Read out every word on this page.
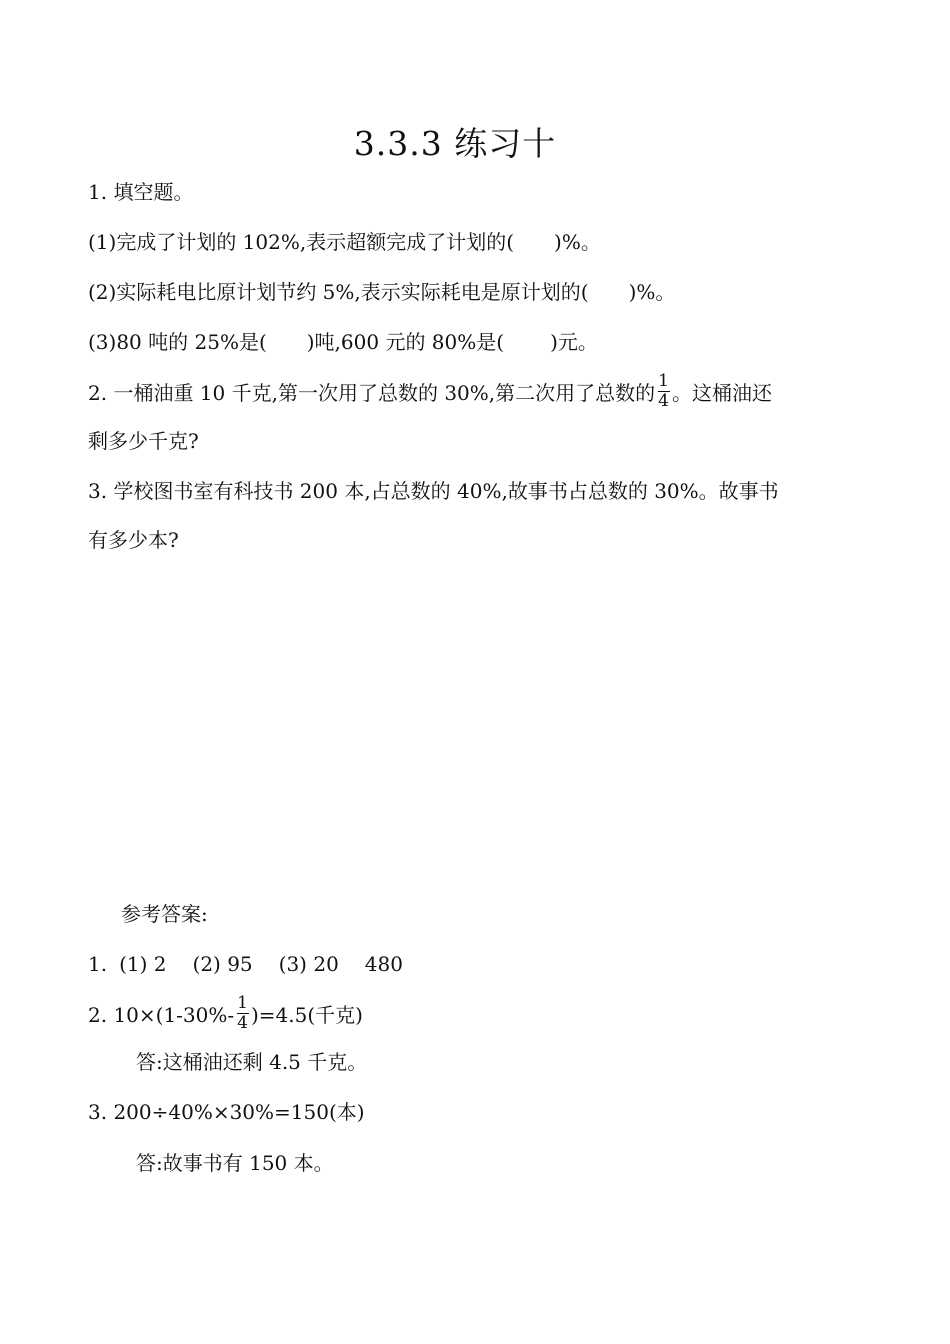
3.3.3 练习十
1. 填空题。
(1)完成了计划的 102%,表示超额完成了计划的( )%。
(2)实际耗电比原计划节约 5%,表示实际耗电是原计划的( )%。
(3)80 吨的 25%是( )吨,600 元的 80%是( )元。
2. 一桶油重 10 千克,第一次用了总数的 30%,第二次用了总数的 $\frac{1}{4}$ 。这桶油还
剩多少千克?
3. 学校图书室有科技书 200 本,占总数的 40%,故事书占总数的 30%。故事书
有多少本?
参考答案:
1. (1) 2 (2) 95 (3) 20 480
2. $10\times(1-30\%- \frac{1}{4} )=4.5$(千克)
答:这桶油还剩 4.5 千克。
3. 200÷40%×30%=150(本)
答:故事书有 150 本。
